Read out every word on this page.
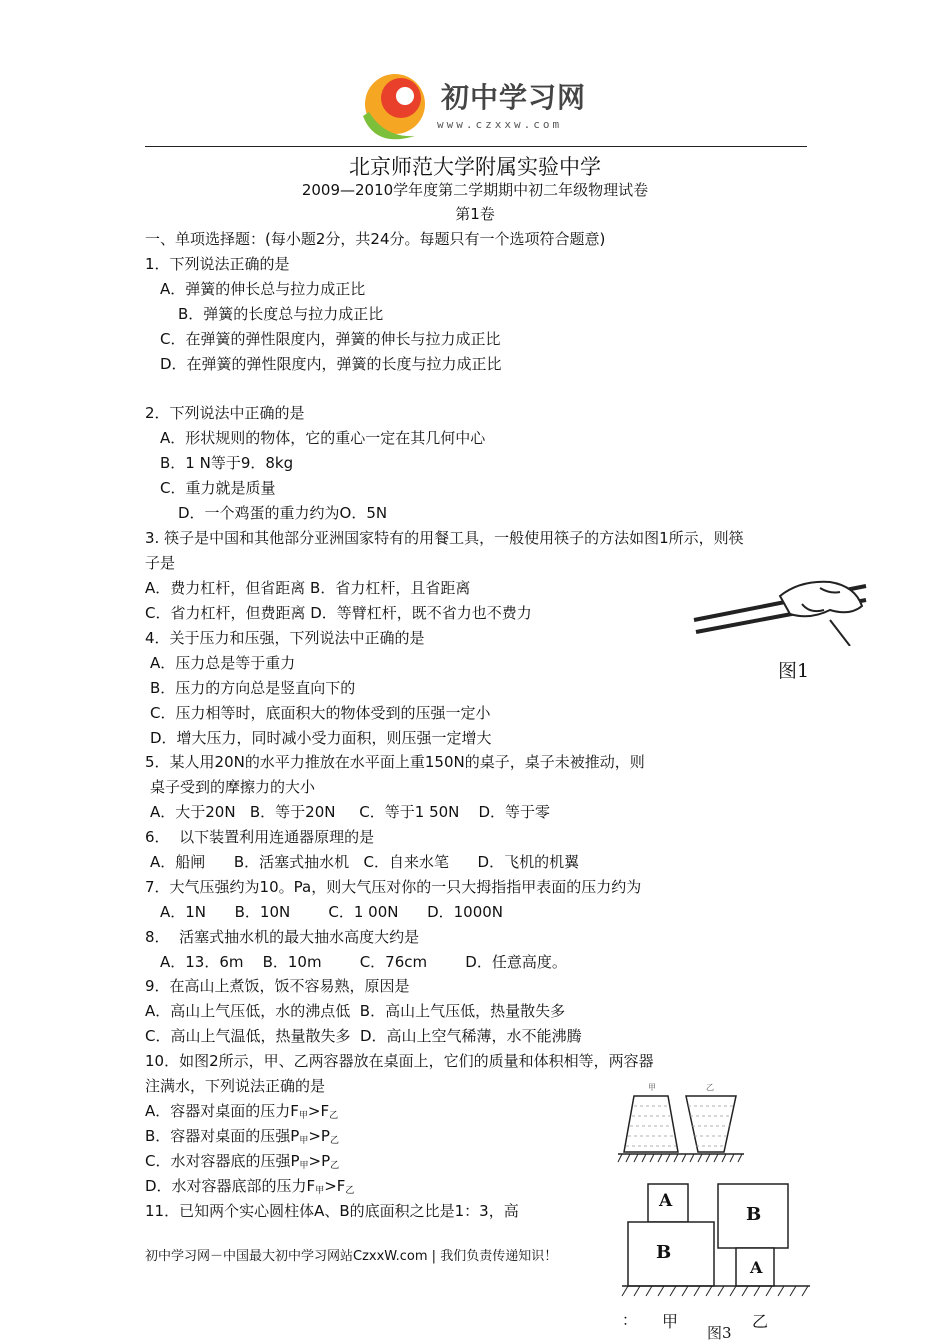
初中学习网
www.czxxw.com
北京师范大学附属实验中学
2009—2010学年度第二学期期中初二年级物理试卷
第1卷
一、单项选择题：(每小题2分，共24分。每题只有一个选项符合题意)
1．下列说法正确的是
A．弹簧的伸长总与拉力成正比
B．弹簧的长度总与拉力成正比
C．在弹簧的弹性限度内，弹簧的伸长与拉力成正比
D．在弹簧的弹性限度内，弹簧的长度与拉力成正比
2．下列说法中正确的是
A．形状规则的物体，它的重心一定在其几何中心
B．1 N等于9．8kg
C．重力就是质量
D．一个鸡蛋的重力约为O．5N
3. 筷子是中国和其他部分亚洲国家特有的用餐工具，一般使用筷子的方法如图1所示，则筷
子是
A．费力杠杆，但省距离 B．省力杠杆，且省距离
C．省力杠杆，但费距离 D．等臂杠杆，既不省力也不费力
图1
4．关于压力和压强，下列说法中正确的是
A．压力总是等于重力
B．压力的方向总是竖直向下的
C．压力相等时，底面积大的物体受到的压强一定小
D．增大压力，同时减小受力面积，则压强一定增大
5．某人用20N的水平力推放在水平面上重150N的桌子，桌子未被推动，则
桌子受到的摩擦力的大小
A．大于20N   B．等于20N     C．等于1 50N    D．等于零
6．  以下装置利用连通器原理的是
A．船闸      B．活塞式抽水机   C．自来水笔      D．飞机的机翼
7．大气压强约为10。Pa，则大气压对你的一只大拇指指甲表面的压力约为
A．1N      B．10N        C．1 00N      D．1000N
8．  活塞式抽水机的最大抽水高度大约是
A．13．6m    B．10m        C．76cm        D．任意高度。
9．在高山上煮饭，饭不容易熟，原因是
A．高山上气压低，水的沸点低  B．高山上气压低，热量散失多
C．高山上气温低，热量散失多  D．高山上空气稀薄，水不能沸腾
10．如图2所示，甲、乙两容器放在桌面上，它们的质量和体积相等，两容器
注满水，下列说法正确的是
A．容器对桌面的压力$F_甲>F_乙$
B．容器对桌面的压强$P_甲>P_乙$
C．水对容器底的压强$P_甲>P_乙$
D．水对容器底部的压力$F_甲>F_乙$
11．已知两个实心圆柱体A、B的底面积之比是1：3，高
甲	乙
A
B
B
A
： 甲	乙
图3
初中学习网－中国最大初中学习网站CzxxW.com | 我们负责传递知识！
